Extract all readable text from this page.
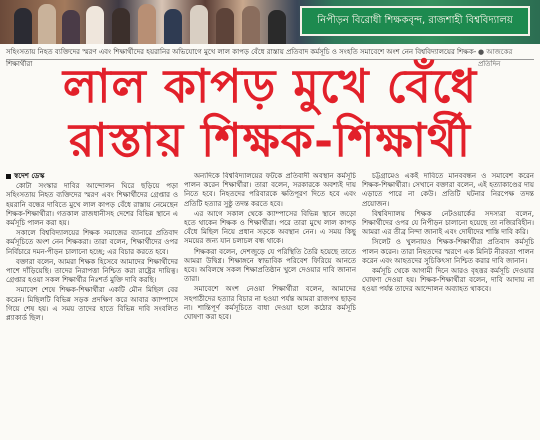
নিপীড়ন বিরোধী শিক্ষকবৃন্দ, রাজশাহী বিশ্ববিদ্যালয়
সহিংসতায় নিহত ব্যক্তিদের স্মরণ এবং শিক্ষার্থীদের হয়রানির অভিযোগে মুখে লাল কাপড় বেঁধে রাস্তায় প্রতিবাদ কর্মসূচি ও সংহতি সমাবেশে অংশ নেন বিশ্ববিদ্যালয়ের শিক্ষক-শিক্ষার্থীরা
● আজকের প্রতিদিন
লাল কাপড় মুখে বেঁধে
রাস্তায় শিক্ষক-শিক্ষার্থী
স্বদেশ ডেস্ক

কোটা সংস্কার দাবির আন্দোলন ঘিরে ছড়িয়ে পড়া সহিংসতায় নিহত ব্যক্তিদের স্মরণ এবং শিক্ষার্থীদের গ্রেপ্তার ও হয়রানি বন্ধের দাবিতে মুখে লাল কাপড় বেঁধে রাস্তায় নেমেছেন শিক্ষক-শিক্ষার্থীরা। গতকাল রাজধানীসহ দেশের বিভিন্ন স্থানে এ কর্মসূচি পালন করা হয়।

সকালে বিশ্ববিদ্যালয়ের শিক্ষক সমাজের ব্যানারে প্রতিবাদ কর্মসূচিতে অংশ নেন শিক্ষকরা। তারা বলেন, শিক্ষার্থীদের ওপর নির্বিচারে দমন-পীড়ন চালানো হচ্ছে; এর বিচার করতে হবে।

বক্তারা বলেন, আমরা শিক্ষক হিসেবে আমাদের শিক্ষার্থীদের পাশে দাঁড়িয়েছি। তাদের নিরাপত্তা নিশ্চিত করা রাষ্ট্রের দায়িত্ব। গ্রেপ্তার হওয়া সকল শিক্ষার্থীর নিঃশর্ত মুক্তি দাবি করছি।

সমাবেশ শেষে শিক্ষক-শিক্ষার্থীরা একটি মৌন মিছিল বের করেন। মিছিলটি বিভিন্ন সড়ক প্রদক্ষিণ করে আবার ক্যাম্পাসে গিয়ে শেষ হয়। এ সময় তাদের হাতে বিভিন্ন দাবি সংবলিত প্ল্যাকার্ড ছিল।

অন্যদিকে বিশ্ববিদ্যালয়ের ফটকে প্রতিবাদী অবস্থান কর্মসূচি পালন করেন শিক্ষার্থীরা। তারা বলেন, সরকারকে অবশ্যই দায় নিতে হবে। নিহতদের পরিবারকে ক্ষতিপূরণ দিতে হবে এবং প্রতিটি হত্যার সুষ্ঠু তদন্ত করতে হবে।

এর আগে সকাল থেকে ক্যাম্পাসের বিভিন্ন স্থানে জড়ো হতে থাকেন শিক্ষক ও শিক্ষার্থীরা। পরে তারা মুখে লাল কাপড় বেঁধে মিছিল নিয়ে প্রধান সড়কে অবস্থান নেন। এ সময় কিছু সময়ের জন্য যান চলাচল বন্ধ থাকে।

শিক্ষকরা বলেন, দেশজুড়ে যে পরিস্থিতি তৈরি হয়েছে তাতে আমরা উদ্বিগ্ন। শিক্ষাঙ্গনে স্বাভাবিক পরিবেশ ফিরিয়ে আনতে হবে। অবিলম্বে সকল শিক্ষাপ্রতিষ্ঠান খুলে দেওয়ার দাবি জানান তারা।

সমাবেশে অংশ নেওয়া শিক্ষার্থীরা বলেন, আমাদের সহপাঠীদের হত্যার বিচার না হওয়া পর্যন্ত আমরা রাজপথ ছাড়ব না। শান্তিপূর্ণ কর্মসূচিতে বাধা দেওয়া হলে কঠোর কর্মসূচি ঘোষণা করা হবে।

চট্টগ্রামেও একই দাবিতে মানববন্ধন ও সমাবেশ করেন শিক্ষক-শিক্ষার্থীরা। সেখানে বক্তারা বলেন, এই হত্যাকাণ্ডের দায় এড়াতে পারে না কেউ। প্রতিটি ঘটনার নিরপেক্ষ তদন্ত প্রয়োজন।

বিশ্ববিদ্যালয় শিক্ষক নেটওয়ার্কের সদস্যরা বলেন, শিক্ষার্থীদের ওপর যে নিপীড়ন চালানো হয়েছে তা নজিরবিহীন। আমরা এর তীব্র নিন্দা জানাই এবং দোষীদের শাস্তি দাবি করি।

সিলেট ও খুলনায়ও শিক্ষক-শিক্ষার্থীরা প্রতিবাদ কর্মসূচি পালন করেন। তারা নিহতদের স্মরণে এক মিনিট নীরবতা পালন করেন এবং আহতদের সুচিকিৎসা নিশ্চিত করার দাবি জানান।

কর্মসূচি থেকে আগামী দিনে আরও বৃহত্তর কর্মসূচি দেওয়ার ঘোষণা দেওয়া হয়। শিক্ষক-শিক্ষার্থীরা বলেন, দাবি আদায় না হওয়া পর্যন্ত তাদের আন্দোলন অব্যাহত থাকবে।
